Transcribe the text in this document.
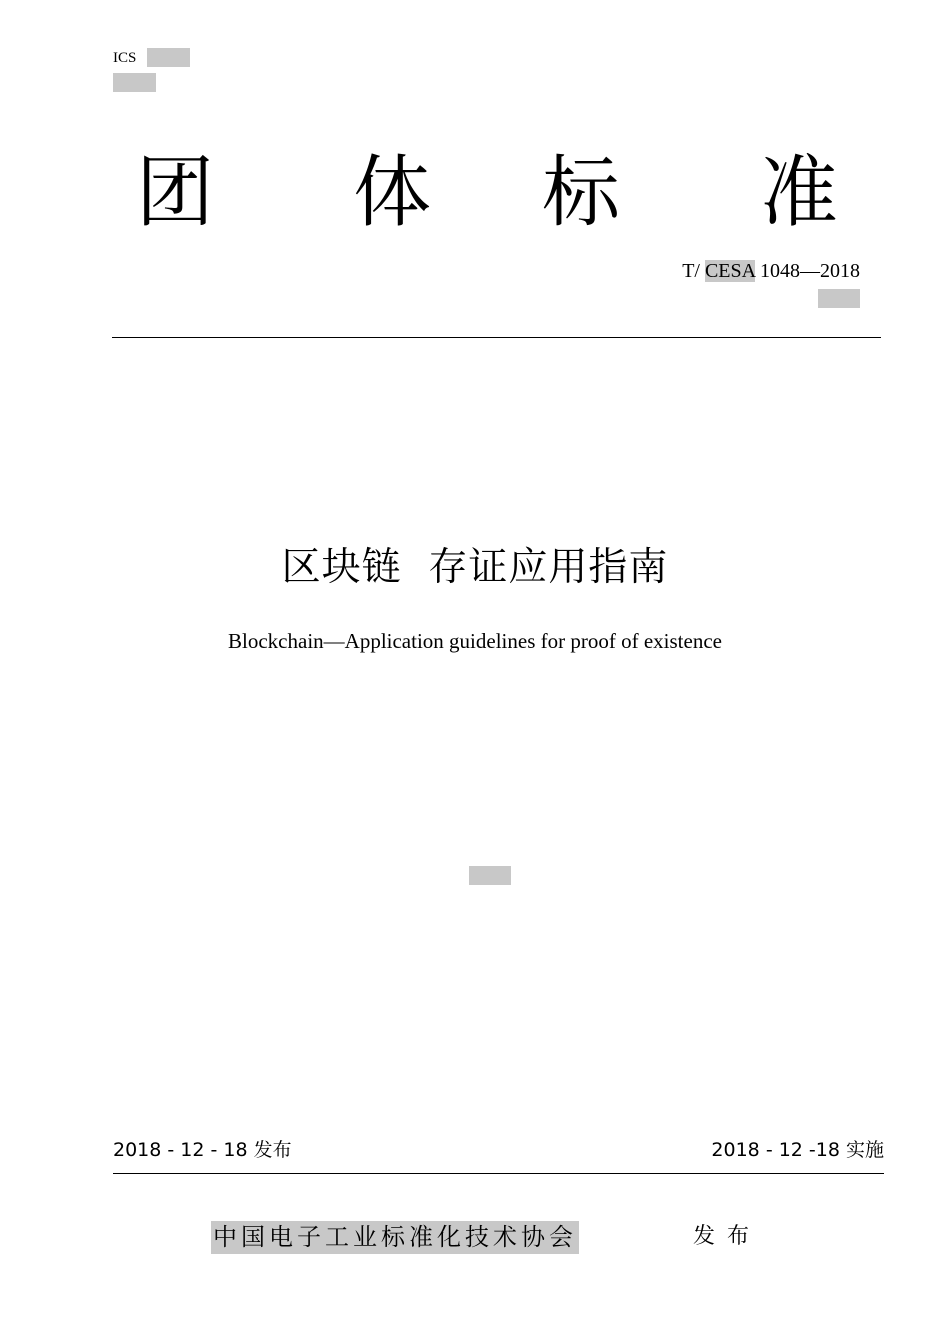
ICS
团 体 标 准
T/ CESA 1048—2018
区块链  存证应用指南
Blockchain—Application guidelines for proof of existence
2018 - 12 - 18 发布	2018 - 12 -18 实施
中国电子工业标准化技术协会	发布
